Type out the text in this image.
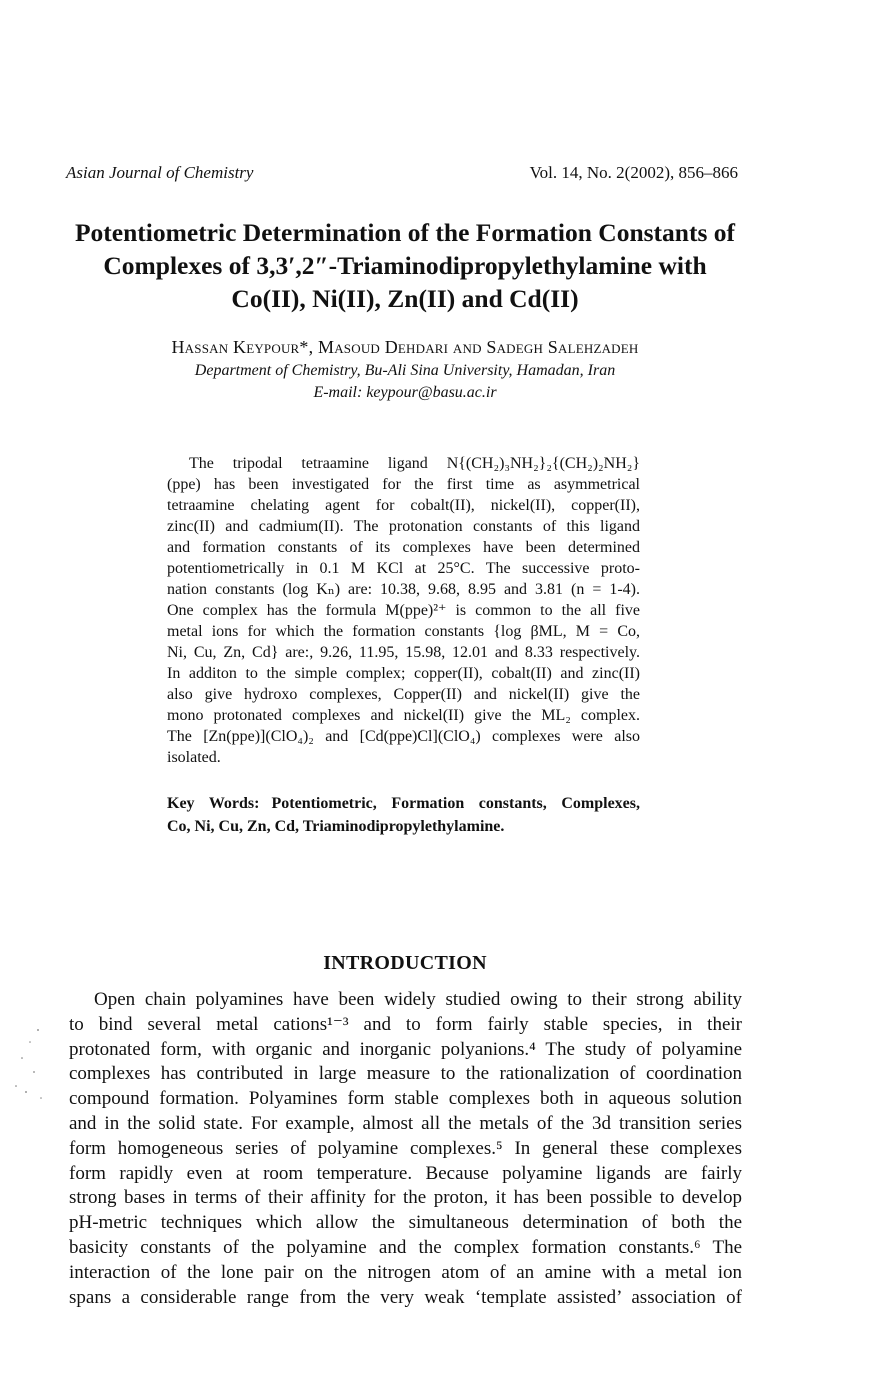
Asian Journal of Chemistry	Vol. 14, No. 2(2002), 856–866
Potentiometric Determination of the Formation Constants of
Complexes of 3,3′,2″-Triaminodipropylethylamine with
Co(II), Ni(II), Zn(II) and Cd(II)
Hassan Keypour*, Masoud Dehdari and Sadegh Salehzadeh
Department of Chemistry, Bu-Ali Sina University, Hamadan, Iran
E-mail: keypour@basu.ac.ir
The tripodal tetraamine ligand N{(CH₂)₃NH₂}₂{(CH₂)₂NH₂}
(ppe) has been investigated for the first time as asymmetrical
tetraamine chelating agent for cobalt(II), nickel(II), copper(II),
zinc(II) and cadmium(II). The protonation constants of this ligand
and formation constants of its complexes have been determined
potentiometrically in 0.1 M KCl at 25°C. The successive proto-
nation constants (log Kₙ) are: 10.38, 9.68, 8.95 and 3.81 (n = 1-4).
One complex has the formula M(ppe)²⁺ is common to the all five
metal ions for which the formation constants {log βML, M = Co,
Ni, Cu, Zn, Cd} are:, 9.26, 11.95, 15.98, 12.01 and 8.33 respectively.
In additon to the simple complex; copper(II), cobalt(II) and zinc(II)
also give hydroxo complexes, Copper(II) and nickel(II) give the
mono protonated complexes and nickel(II) give the ML₂ complex.
The [Zn(ppe)](ClO₄)₂ and [Cd(ppe)Cl](ClO₄) complexes were also
isolated.
Key Words: Potentiometric, Formation constants, Complexes,
Co, Ni, Cu, Zn, Cd, Triaminodipropylethylamine.
INTRODUCTION
Open chain polyamines have been widely studied owing to their strong ability
to bind several metal cations¹⁻³ and to form fairly stable species, in their
protonated form, with organic and inorganic polyanions.⁴ The study of polyamine
complexes has contributed in large measure to the rationalization of coordination
compound formation. Polyamines form stable complexes both in aqueous solution
and in the solid state. For example, almost all the metals of the 3d transition series
form homogeneous series of polyamine complexes.⁵ In general these complexes
form rapidly even at room temperature. Because polyamine ligands are fairly
strong bases in terms of their affinity for the proton, it has been possible to develop
pH-metric techniques which allow the simultaneous determination of both the
basicity constants of the polyamine and the complex formation constants.⁶ The
interaction of the lone pair on the nitrogen atom of an amine with a metal ion
spans a considerable range from the very weak ‘template assisted’ association of
